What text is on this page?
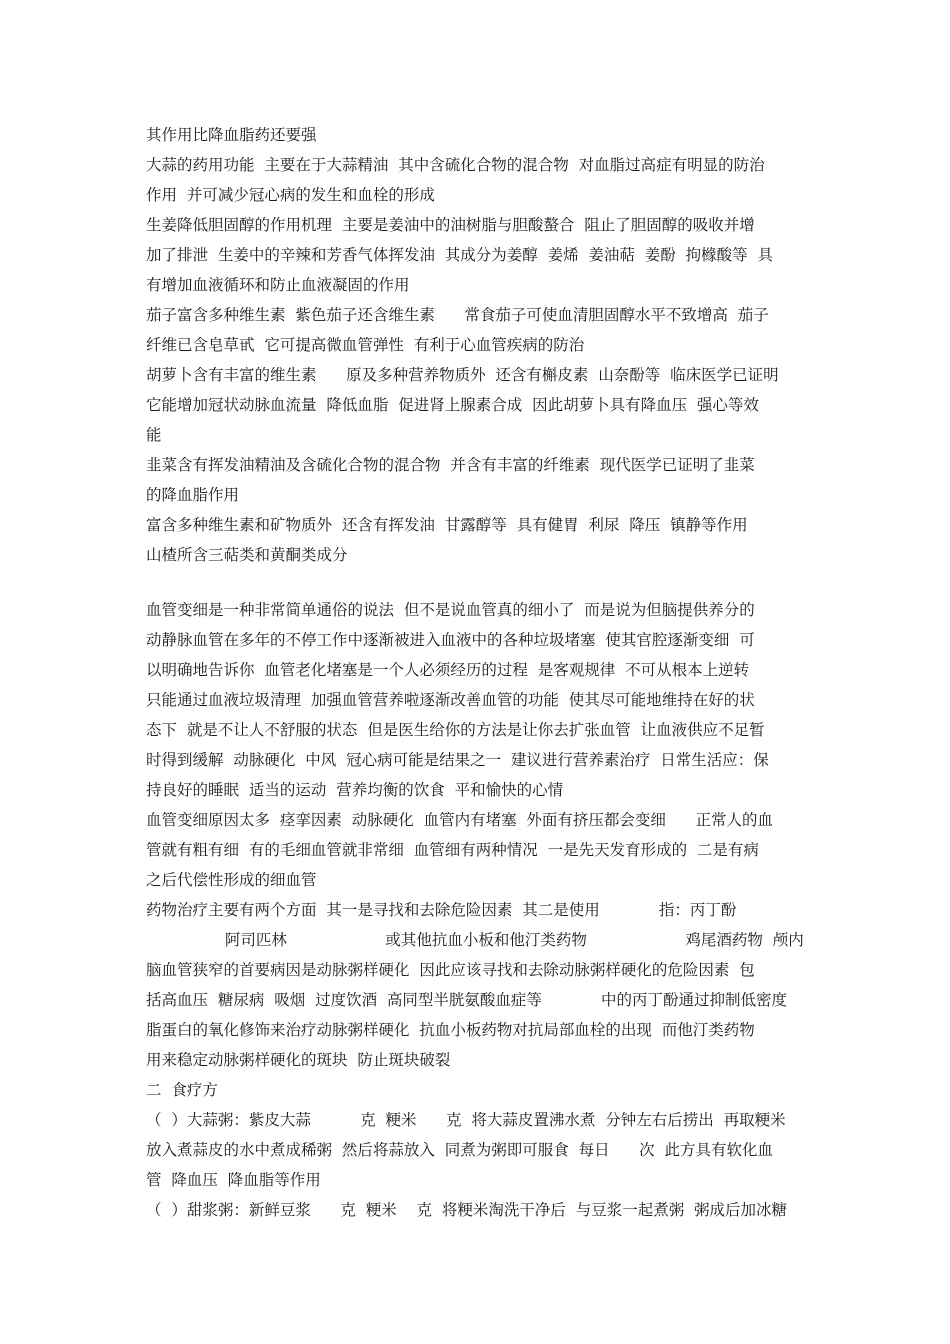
其作用比降血脂药还要强
大蒜的药用功能  主要在于大蒜精油  其中含硫化合物的混合物  对血脂过高症有明显的防治
作用  并可减少冠心病的发生和血栓的形成
生姜降低胆固醇的作用机理  主要是姜油中的油树脂与胆酸螯合  阻止了胆固醇的吸收并增
加了排泄  生姜中的辛辣和芳香气体挥发油  其成分为姜醇  姜烯  姜油萜  姜酚  拘橼酸等  具
有增加血液循环和防止血液凝固的作用
茄子富含多种维生素  紫色茄子还含维生素      常食茄子可使血清胆固醇水平不致增高  茄子
纤维已含皂草甙  它可提高微血管弹性  有利于心血管疾病的防治
胡萝卜含有丰富的维生素      原及多种营养物质外  还含有槲皮素  山奈酚等  临床医学已证明
它能增加冠状动脉血流量  降低血脂  促进肾上腺素合成  因此胡萝卜具有降血压  强心等效
能
韭菜含有挥发油精油及含硫化合物的混合物  并含有丰富的纤维素  现代医学已证明了韭菜
的降血脂作用
富含多种维生素和矿物质外  还含有挥发油  甘露醇等  具有健胃  利尿  降压  镇静等作用
山楂所含三萜类和黄酮类成分
血管变细是一种非常简单通俗的说法  但不是说血管真的细小了  而是说为但脑提供养分的
动静脉血管在多年的不停工作中逐渐被进入血液中的各种垃圾堵塞  使其官腔逐渐变细  可
以明确地告诉你  血管老化堵塞是一个人必须经历的过程  是客观规律  不可从根本上逆转
只能通过血液垃圾清理  加强血管营养啦逐渐改善血管的功能  使其尽可能地维持在好的状
态下  就是不让人不舒服的状态  但是医生给你的方法是让你去扩张血管  让血液供应不足暂
时得到缓解  动脉硬化  中风  冠心病可能是结果之一  建议进行营养素治疗  日常生活应：保
持良好的睡眠  适当的运动  营养均衡的饮食  平和愉快的心情
血管变细原因太多  痉挛因素  动脉硬化  血管内有堵塞  外面有挤压都会变细      正常人的血
管就有粗有细  有的毛细血管就非常细  血管细有两种情况  一是先天发育形成的  二是有病
之后代偿性形成的细血管
药物治疗主要有两个方面  其一是寻找和去除危险因素  其二是使用            指：丙丁酚
阿司匹林                    或其他抗血小板和他汀类药物                    鸡尾酒药物  颅内
脑血管狭窄的首要病因是动脉粥样硬化  因此应该寻找和去除动脉粥样硬化的危险因素  包
括高血压  糖尿病  吸烟  过度饮酒  高同型半胱氨酸血症等            中的丙丁酚通过抑制低密度
脂蛋白的氧化修饰来治疗动脉粥样硬化  抗血小板药物对抗局部血栓的出现  而他汀类药物
用来稳定动脉粥样硬化的斑块  防止斑块破裂
二  食疗方
（  ）大蒜粥：紫皮大蒜          克  粳米      克  将大蒜皮置沸水煮  分钟左右后捞出  再取粳米
放入煮蒜皮的水中煮成稀粥  然后将蒜放入  同煮为粥即可服食  每日      次  此方具有软化血
管  降血压  降血脂等作用
（  ）甜浆粥：新鲜豆浆      克  粳米    克  将粳米淘洗干净后  与豆浆一起煮粥  粥成后加冰糖
